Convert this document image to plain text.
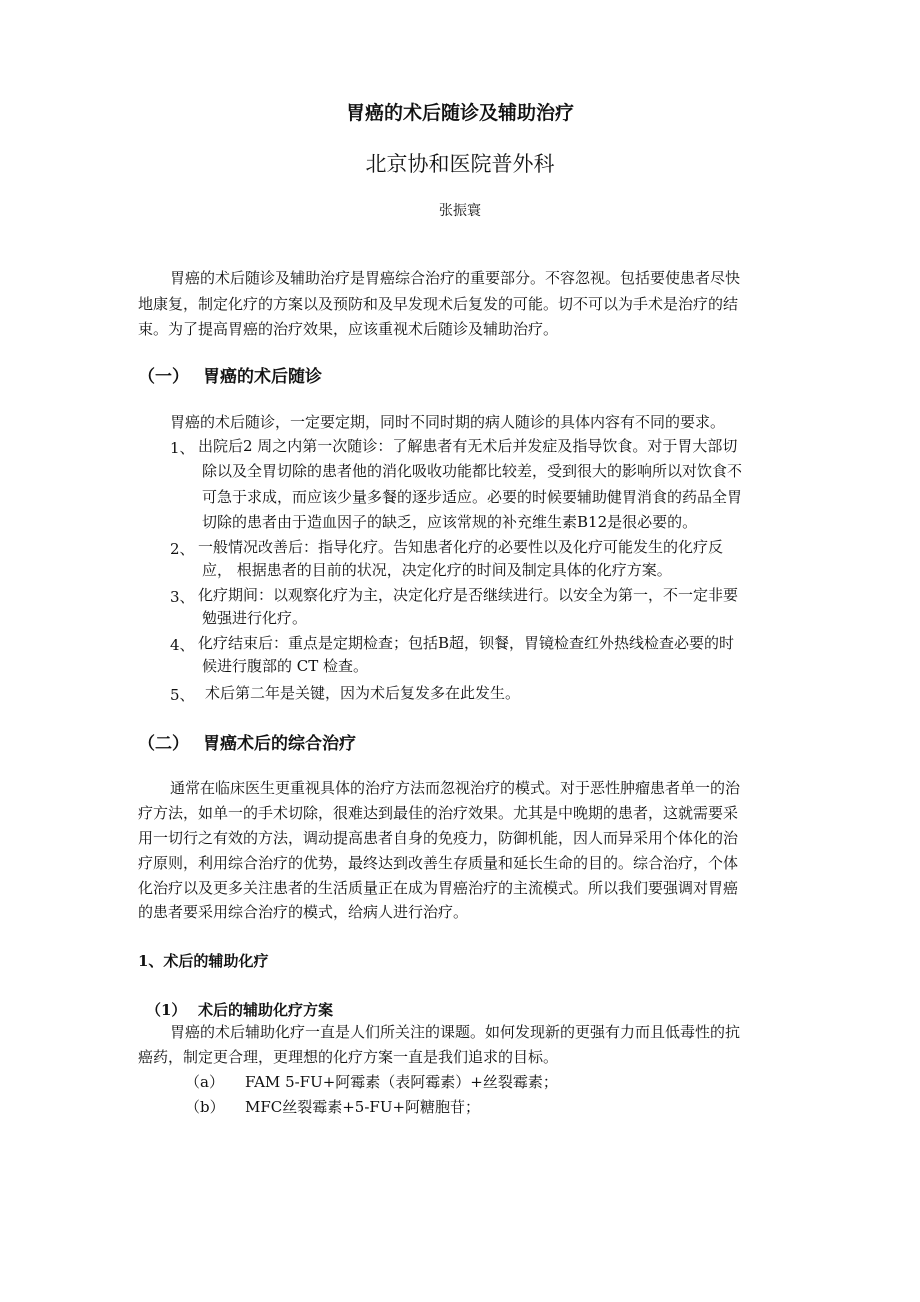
胃癌的术后随诊及辅助治疗
北京协和医院普外科
张振寰
胃癌的术后随诊及辅助治疗是胃癌综合治疗的重要部分。不容忽视。包括要使患者尽快
地康复，制定化疗的方案以及预防和及早发现术后复发的可能。切不可以为手术是治疗的结
束。为了提高胃癌的治疗效果，应该重视术后随诊及辅助治疗。
（一） 胃癌的术后随诊
胃癌的术后随诊，一定要定期，同时不同时期的病人随诊的具体内容有不同的要求。
1、 出院后2 周之内第一次随诊：了解患者有无术后并发症及指导饮食。对于胃大部切
除以及全胃切除的患者他的消化吸收功能都比较差，受到很大的影响所以对饮食不
可急于求成，而应该少量多餐的逐步适应。必要的时候要辅助健胃消食的药品全胃
切除的患者由于造血因子的缺乏，应该常规的补充维生素B12是很必要的。
2、 一般情况改善后：指导化疗。告知患者化疗的必要性以及化疗可能发生的化疗反
应， 根据患者的目前的状况，决定化疗的时间及制定具体的化疗方案。
3、 化疗期间：以观察化疗为主，决定化疗是否继续进行。以安全为第一，不一定非要
勉强进行化疗。
4、 化疗结束后：重点是定期检查；包括B超，钡餐，胃镜检查红外热线检查必要的时
候进行腹部的 CT 检查。
5、 术后第二年是关键，因为术后复发多在此发生。
（二） 胃癌术后的综合治疗
通常在临床医生更重视具体的治疗方法而忽视治疗的模式。对于恶性肿瘤患者单一的治
疗方法，如单一的手术切除，很难达到最佳的治疗效果。尤其是中晚期的患者，这就需要采
用一切行之有效的方法，调动提高患者自身的免疫力，防御机能，因人而异采用个体化的治
疗原则，利用综合治疗的优势，最终达到改善生存质量和延长生命的目的。综合治疗，个体
化治疗以及更多关注患者的生活质量正在成为胃癌治疗的主流模式。所以我们要强调对胃癌
的患者要采用综合治疗的模式，给病人进行治疗。
1、术后的辅助化疗
（1） 术后的辅助化疗方案
胃癌的术后辅助化疗一直是人们所关注的课题。如何发现新的更强有力而且低毒性的抗
癌药，制定更合理，更理想的化疗方案一直是我们追求的目标。
（a） FAM 5-FU+阿霉素（表阿霉素）+丝裂霉素；
（b） MFC丝裂霉素+5-FU+阿糖胞苷；
